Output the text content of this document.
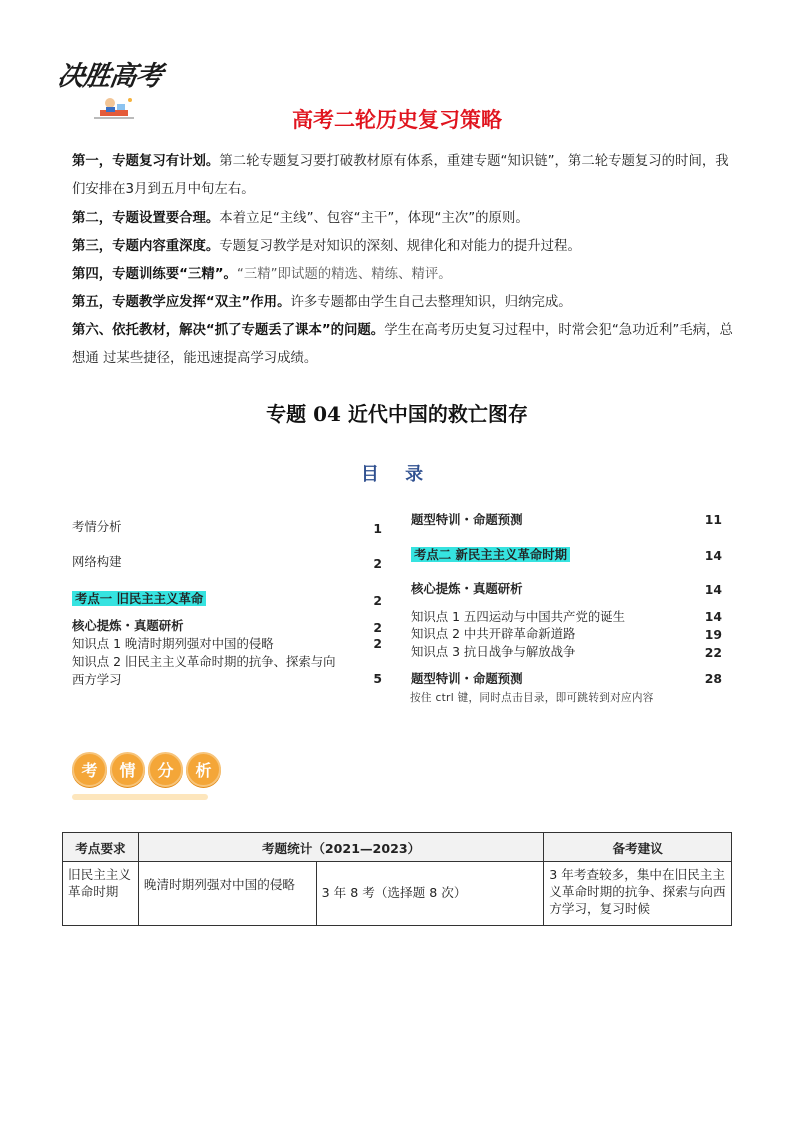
决胜高考
高考二轮历史复习策略
第一，专题复习有计划。第二轮专题复习要打破教材原有体系，重建专题“知识链”，第二轮专题复习的时间，我们安排在3月到五月中旬左右。
第二，专题设置要合理。本着立足“主线”、包容“主干”，体现“主次”的原则。
第三，专题内容重深度。专题复习教学是对知识的深刻、规律化和对能力的提升过程。
第四，专题训练要“三精”。“三精”即试题的精选、精练、精评。
第五，专题教学应发挥“双主”作用。许多专题都由学生自己去整理知识，归纳完成。
第六、依托教材，解决“抓了专题丢了课本”的问题。学生在高考历史复习过程中，时常会犯“急功近利”毛病，总想通 过某些捷径，能迅速提高学习成绩。
专题 04 近代中国的救亡图存
目 录
考情分析	1
网络构建	2
考点一 旧民主主义革命	2
核心提炼・真题研析	2
知识点 1 晚清时期列强对中国的侵略	2
知识点 2 旧民主主义革命时期的抗争、探索与向
西方学习	5
题型特训・命题预测	11
考点二 新民主主义革命时期	14
核心提炼・真题研析	14
知识点 1 五四运动与中国共产党的诞生	14
知识点 2 中共开辟革命新道路	19
知识点 3 抗日战争与解放战争	22
题型特训・命题预测	28
按住 ctrl 键，同时点击目录，即可跳转到对应内容
考	情	分	析
考点要求	考题统计（2021—2023）		备考建议
旧民主主义革命时期	晚清时期列强对中国的侵略	3 年 8 考（选择题 8 次）	3 年考查较多，集中在旧民主主义革命时期的抗争、探索与向西方学习，复习时候
